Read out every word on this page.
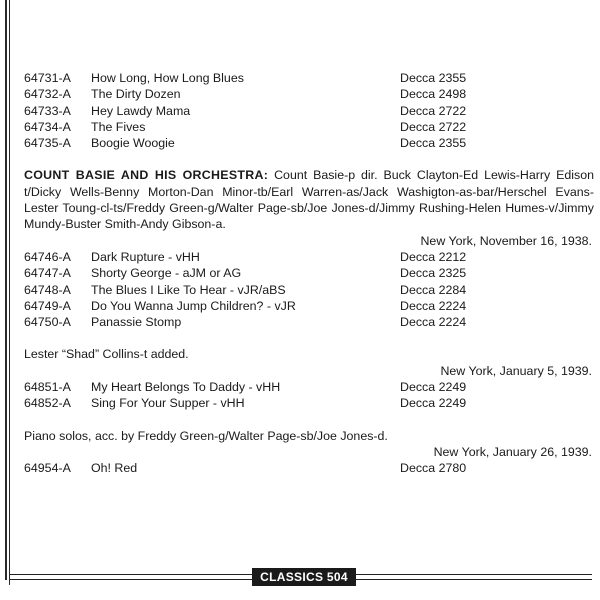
64731-A	How Long, How Long Blues	Decca 2355
64732-A	The Dirty Dozen	Decca 2498
64733-A	Hey Lawdy Mama	Decca 2722
64734-A	The Fives	Decca 2722
64735-A	Boogie Woogie	Decca 2355
COUNT BASIE AND HIS ORCHESTRA: Count Basie-p dir. Buck Clayton-Ed Lewis-Harry Edison t/Dicky Wells-Benny Morton-Dan Minor-tb/Earl Warren-as/Jack Washigton-as-bar/Herschel Evans-Lester Toung-cl-ts/Freddy Green-g/Walter Page-sb/Joe Jones-d/Jimmy Rushing-Helen Humes-v/Jimmy Mundy-Buster Smith-Andy Gibson-a.
New York, November 16, 1938.
64746-A	Dark Rupture - vHH	Decca 2212
64747-A	Shorty George - aJM or AG	Decca 2325
64748-A	The Blues I Like To Hear - vJR/aBS	Decca 2284
64749-A	Do You Wanna Jump Children? - vJR	Decca 2224
64750-A	Panassie Stomp	Decca 2224
Lester “Shad” Collins-t added.
New York, January 5, 1939.
64851-A	My Heart Belongs To Daddy - vHH	Decca 2249
64852-A	Sing For Your Supper - vHH	Decca 2249
Piano solos, acc. by Freddy Green-g/Walter Page-sb/Joe Jones-d.
New York, January 26, 1939.
64954-A	Oh! Red	Decca 2780
CLASSICS 504
